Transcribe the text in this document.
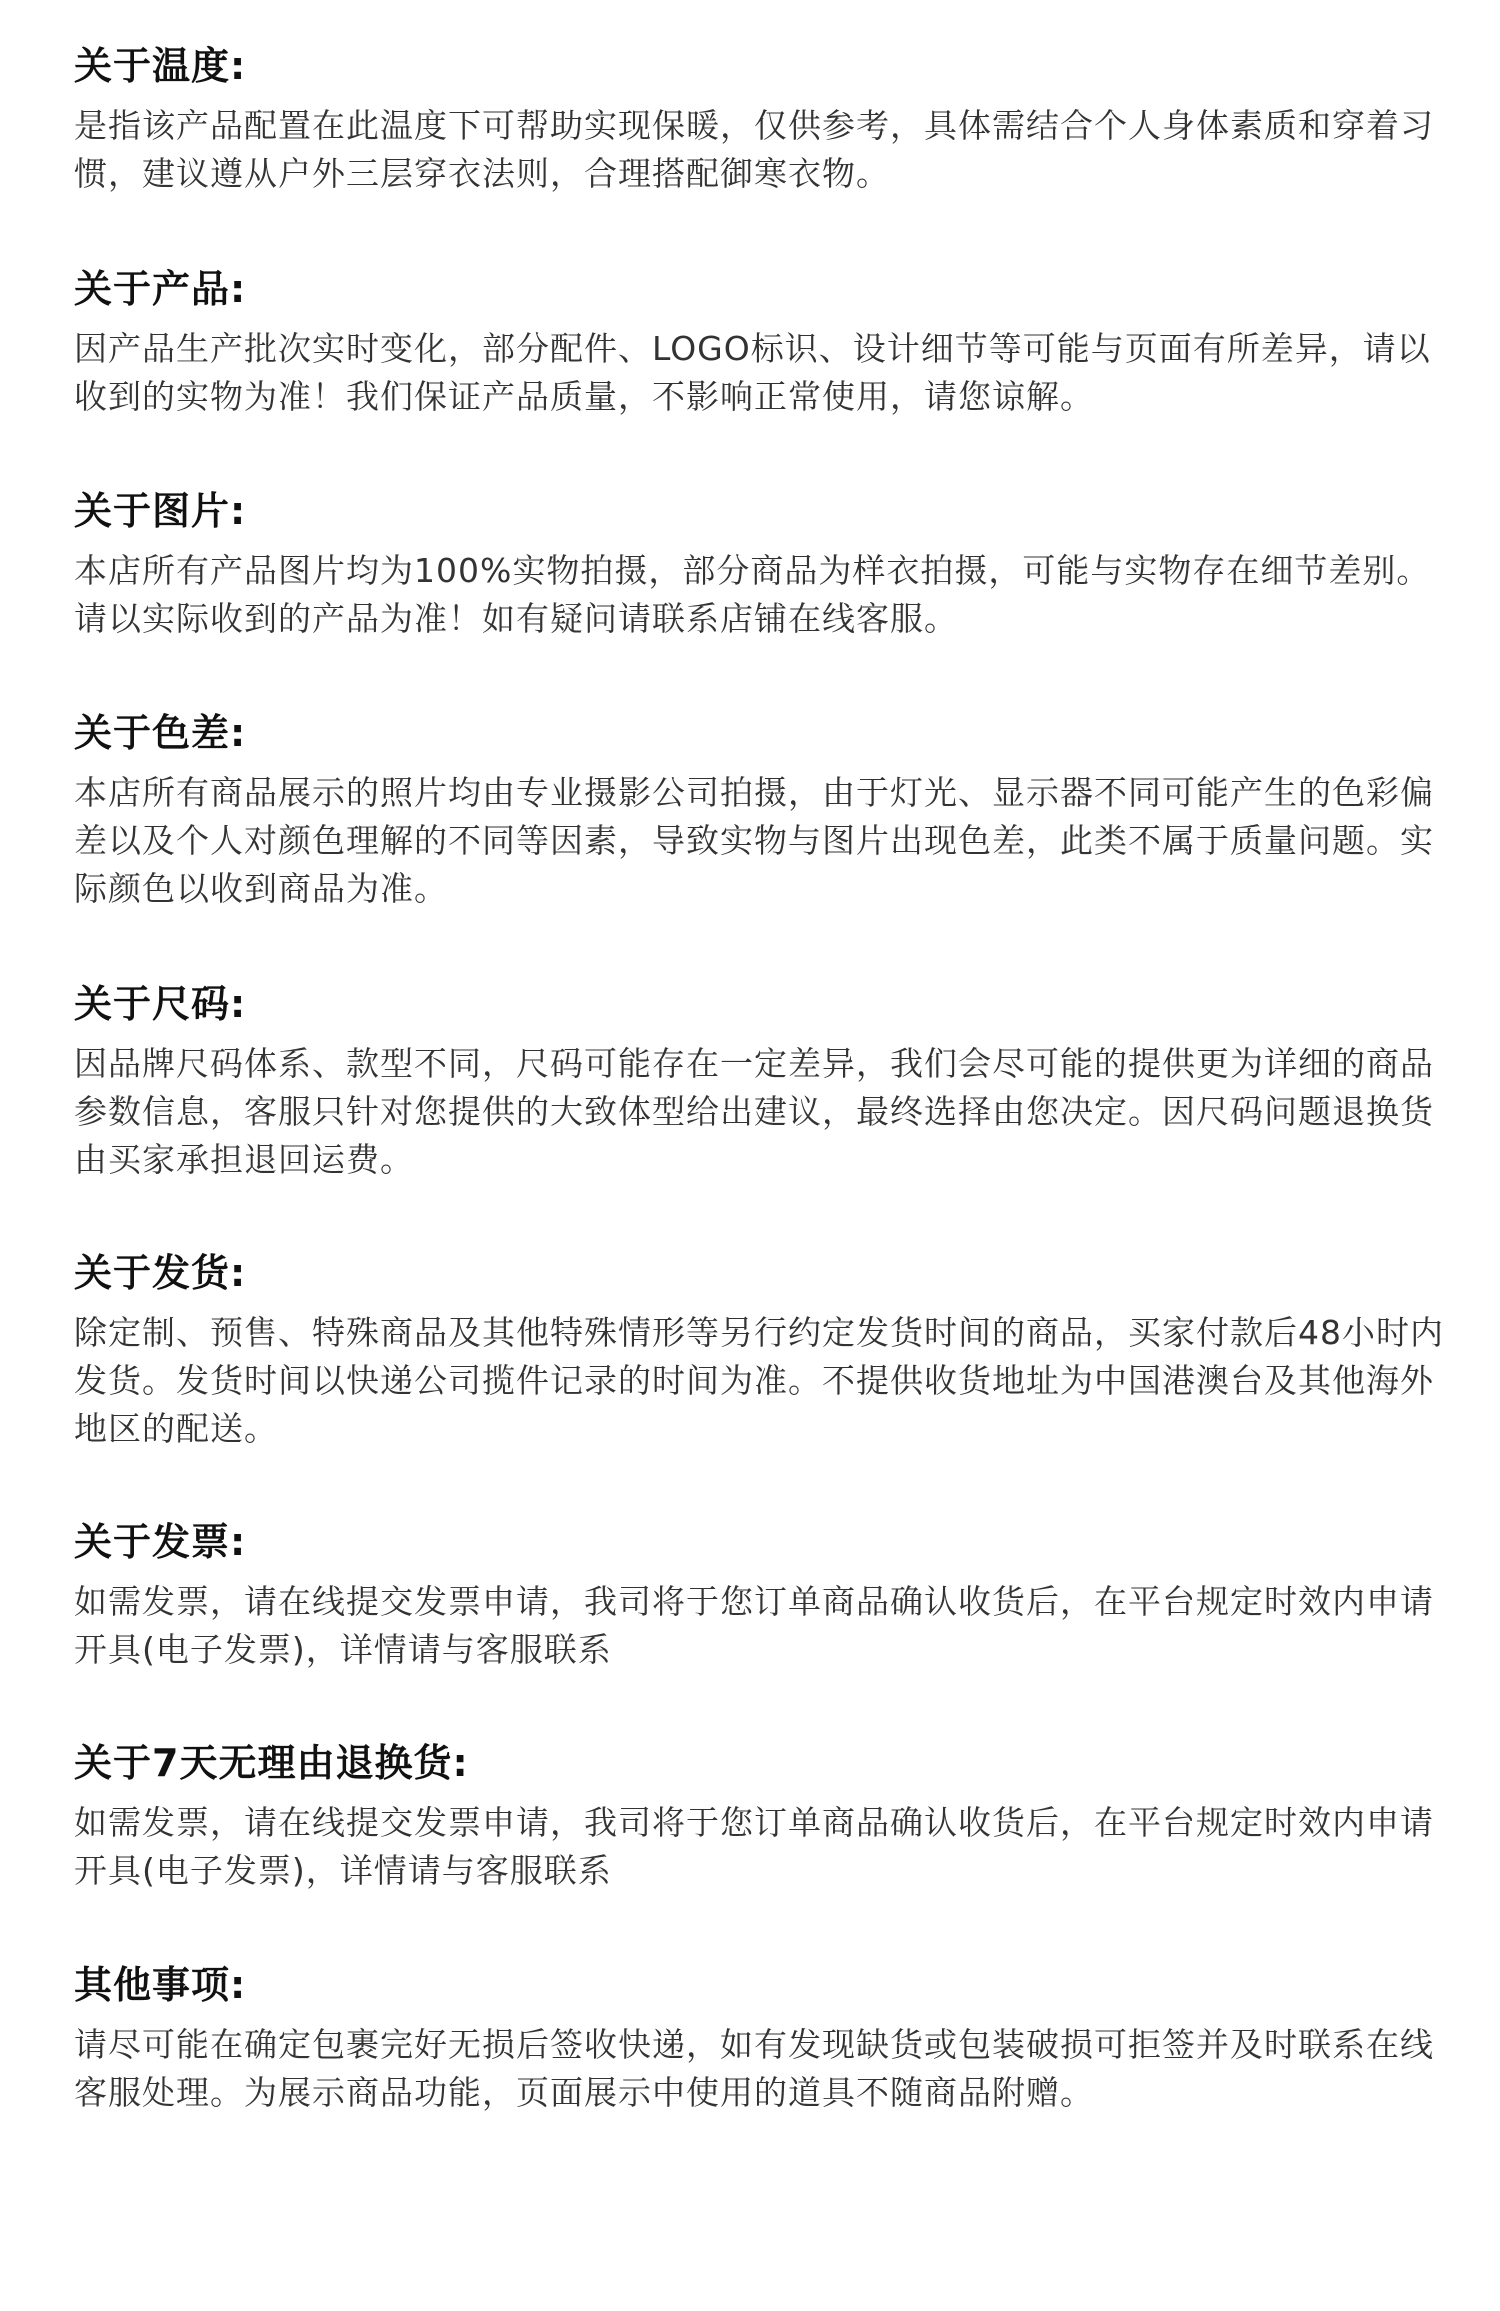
关于温度:

是指该产品配置在此温度下可帮助实现保暖，仅供参考，具体需结合个人身体素质和穿着习惯，建议遵从户外三层穿衣法则，合理搭配御寒衣物。

关于产品:

因产品生产批次实时变化，部分配件、LOGO标识、设计细节等可能与页面有所差异，请以收到的实物为准！我们保证产品质量，不影响正常使用，请您谅解。

关于图片:

本店所有产品图片均为100%实物拍摄，部分商品为样衣拍摄，可能与实物存在细节差别。请以实际收到的产品为准！如有疑问请联系店铺在线客服。

关于色差:

本店所有商品展示的照片均由专业摄影公司拍摄，由于灯光、显示器不同可能产生的色彩偏差以及个人对颜色理解的不同等因素，导致实物与图片出现色差，此类不属于质量问题。实际颜色以收到商品为准。

关于尺码:

因品牌尺码体系、款型不同，尺码可能存在一定差异，我们会尽可能的提供更为详细的商品参数信息，客服只针对您提供的大致体型给出建议，最终选择由您决定。因尺码问题退换货由买家承担退回运费。

关于发货:

除定制、预售、特殊商品及其他特殊情形等另行约定发货时间的商品，买家付款后48小时内发货。发货时间以快递公司揽件记录的时间为准。不提供收货地址为中国港澳台及其他海外地区的配送。

关于发票:

如需发票，请在线提交发票申请，我司将于您订单商品确认收货后，在平台规定时效内申请开具(电子发票)，详情请与客服联系

关于7天无理由退换货:

如需发票，请在线提交发票申请，我司将于您订单商品确认收货后，在平台规定时效内申请开具(电子发票)，详情请与客服联系

其他事项:

请尽可能在确定包裹完好无损后签收快递，如有发现缺货或包装破损可拒签并及时联系在线客服处理。为展示商品功能，页面展示中使用的道具不随商品附赠。
